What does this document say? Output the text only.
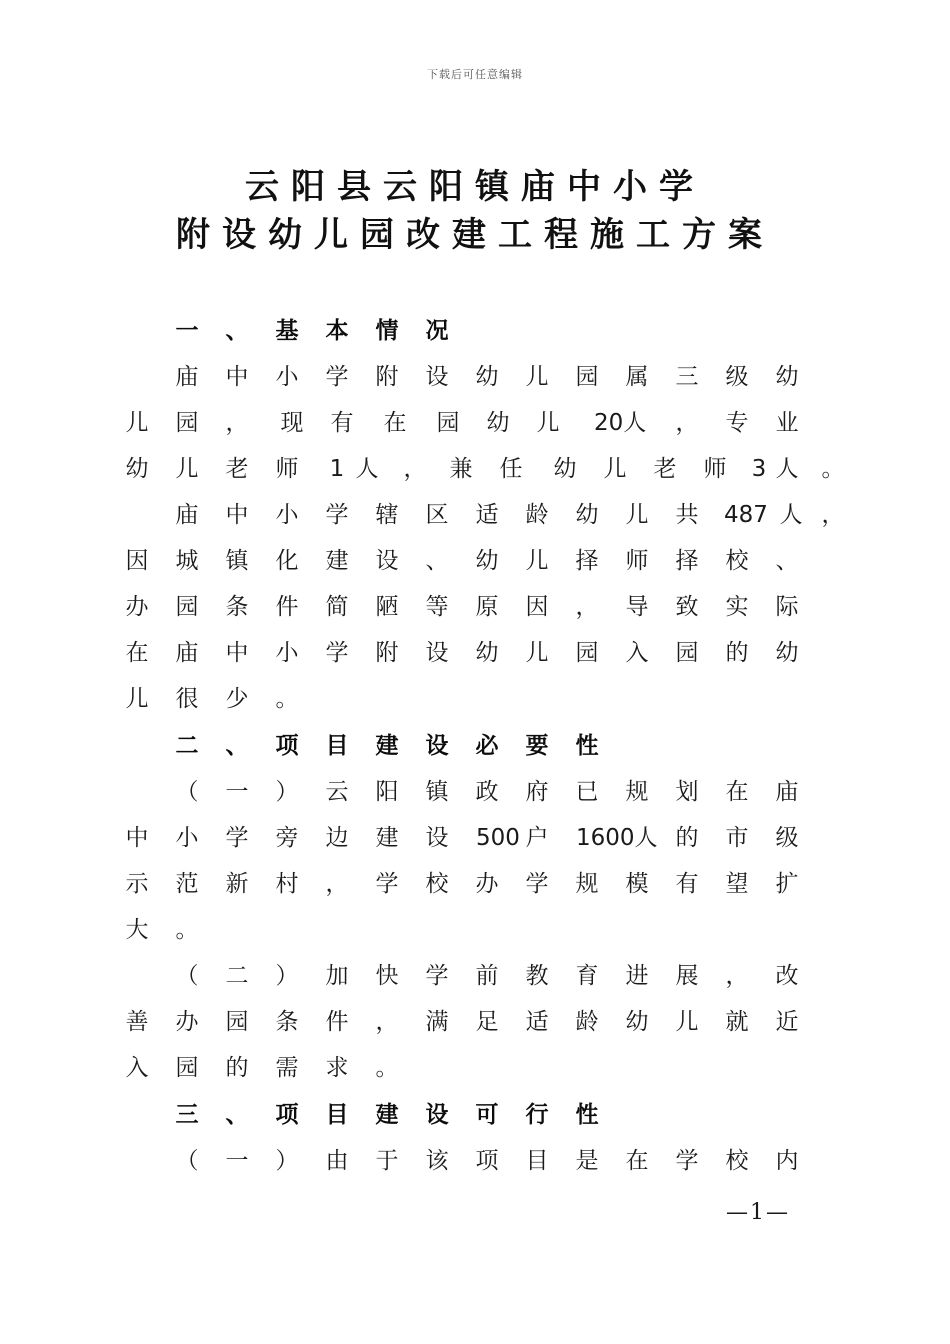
下载后可任意编辑
云阳县云阳镇庙中小学
附设幼儿园改建工程施工方案
一 、 基 本 情 况
庙 中 小 学 附 设 幼 儿 园 属 三 级 幼
儿 园 ， 现 有 在 园 幼 儿 20人	， 专 业
幼 儿 老 师	1 人 ， 兼 任 幼 儿 老 师	3 人 。
庙 中 小 学 辖 区 适 龄 幼 儿 共 487 人 ，
因 城 镇 化 建 设 、 幼 儿 择 师 择 校 、
办 园 条 件 简 陋 等 原 因 ， 导 致 实 际
在 庙 中 小 学 附 设 幼 儿 园 入 园 的 幼
儿 很 少 。
二 、 项 目 建 设 必 要 性
（ 一 ） 云 阳 镇 政 府 已 规 划 在 庙
中 小 学 旁 边 建 设 500 户 1600人 的 市 级
示 范 新 村 ， 学 校 办 学 规 模 有 望 扩
大 。
（ 二 ） 加 快 学 前 教 育 进 展 ， 改
善 办 园 条 件 ， 满 足 适 龄 幼 儿 就 近
入 园 的 需 求 。
三 、 项 目 建 设 可 行 性
（ 一 ） 由 于 该 项 目 是 在 学 校 内
—1—
